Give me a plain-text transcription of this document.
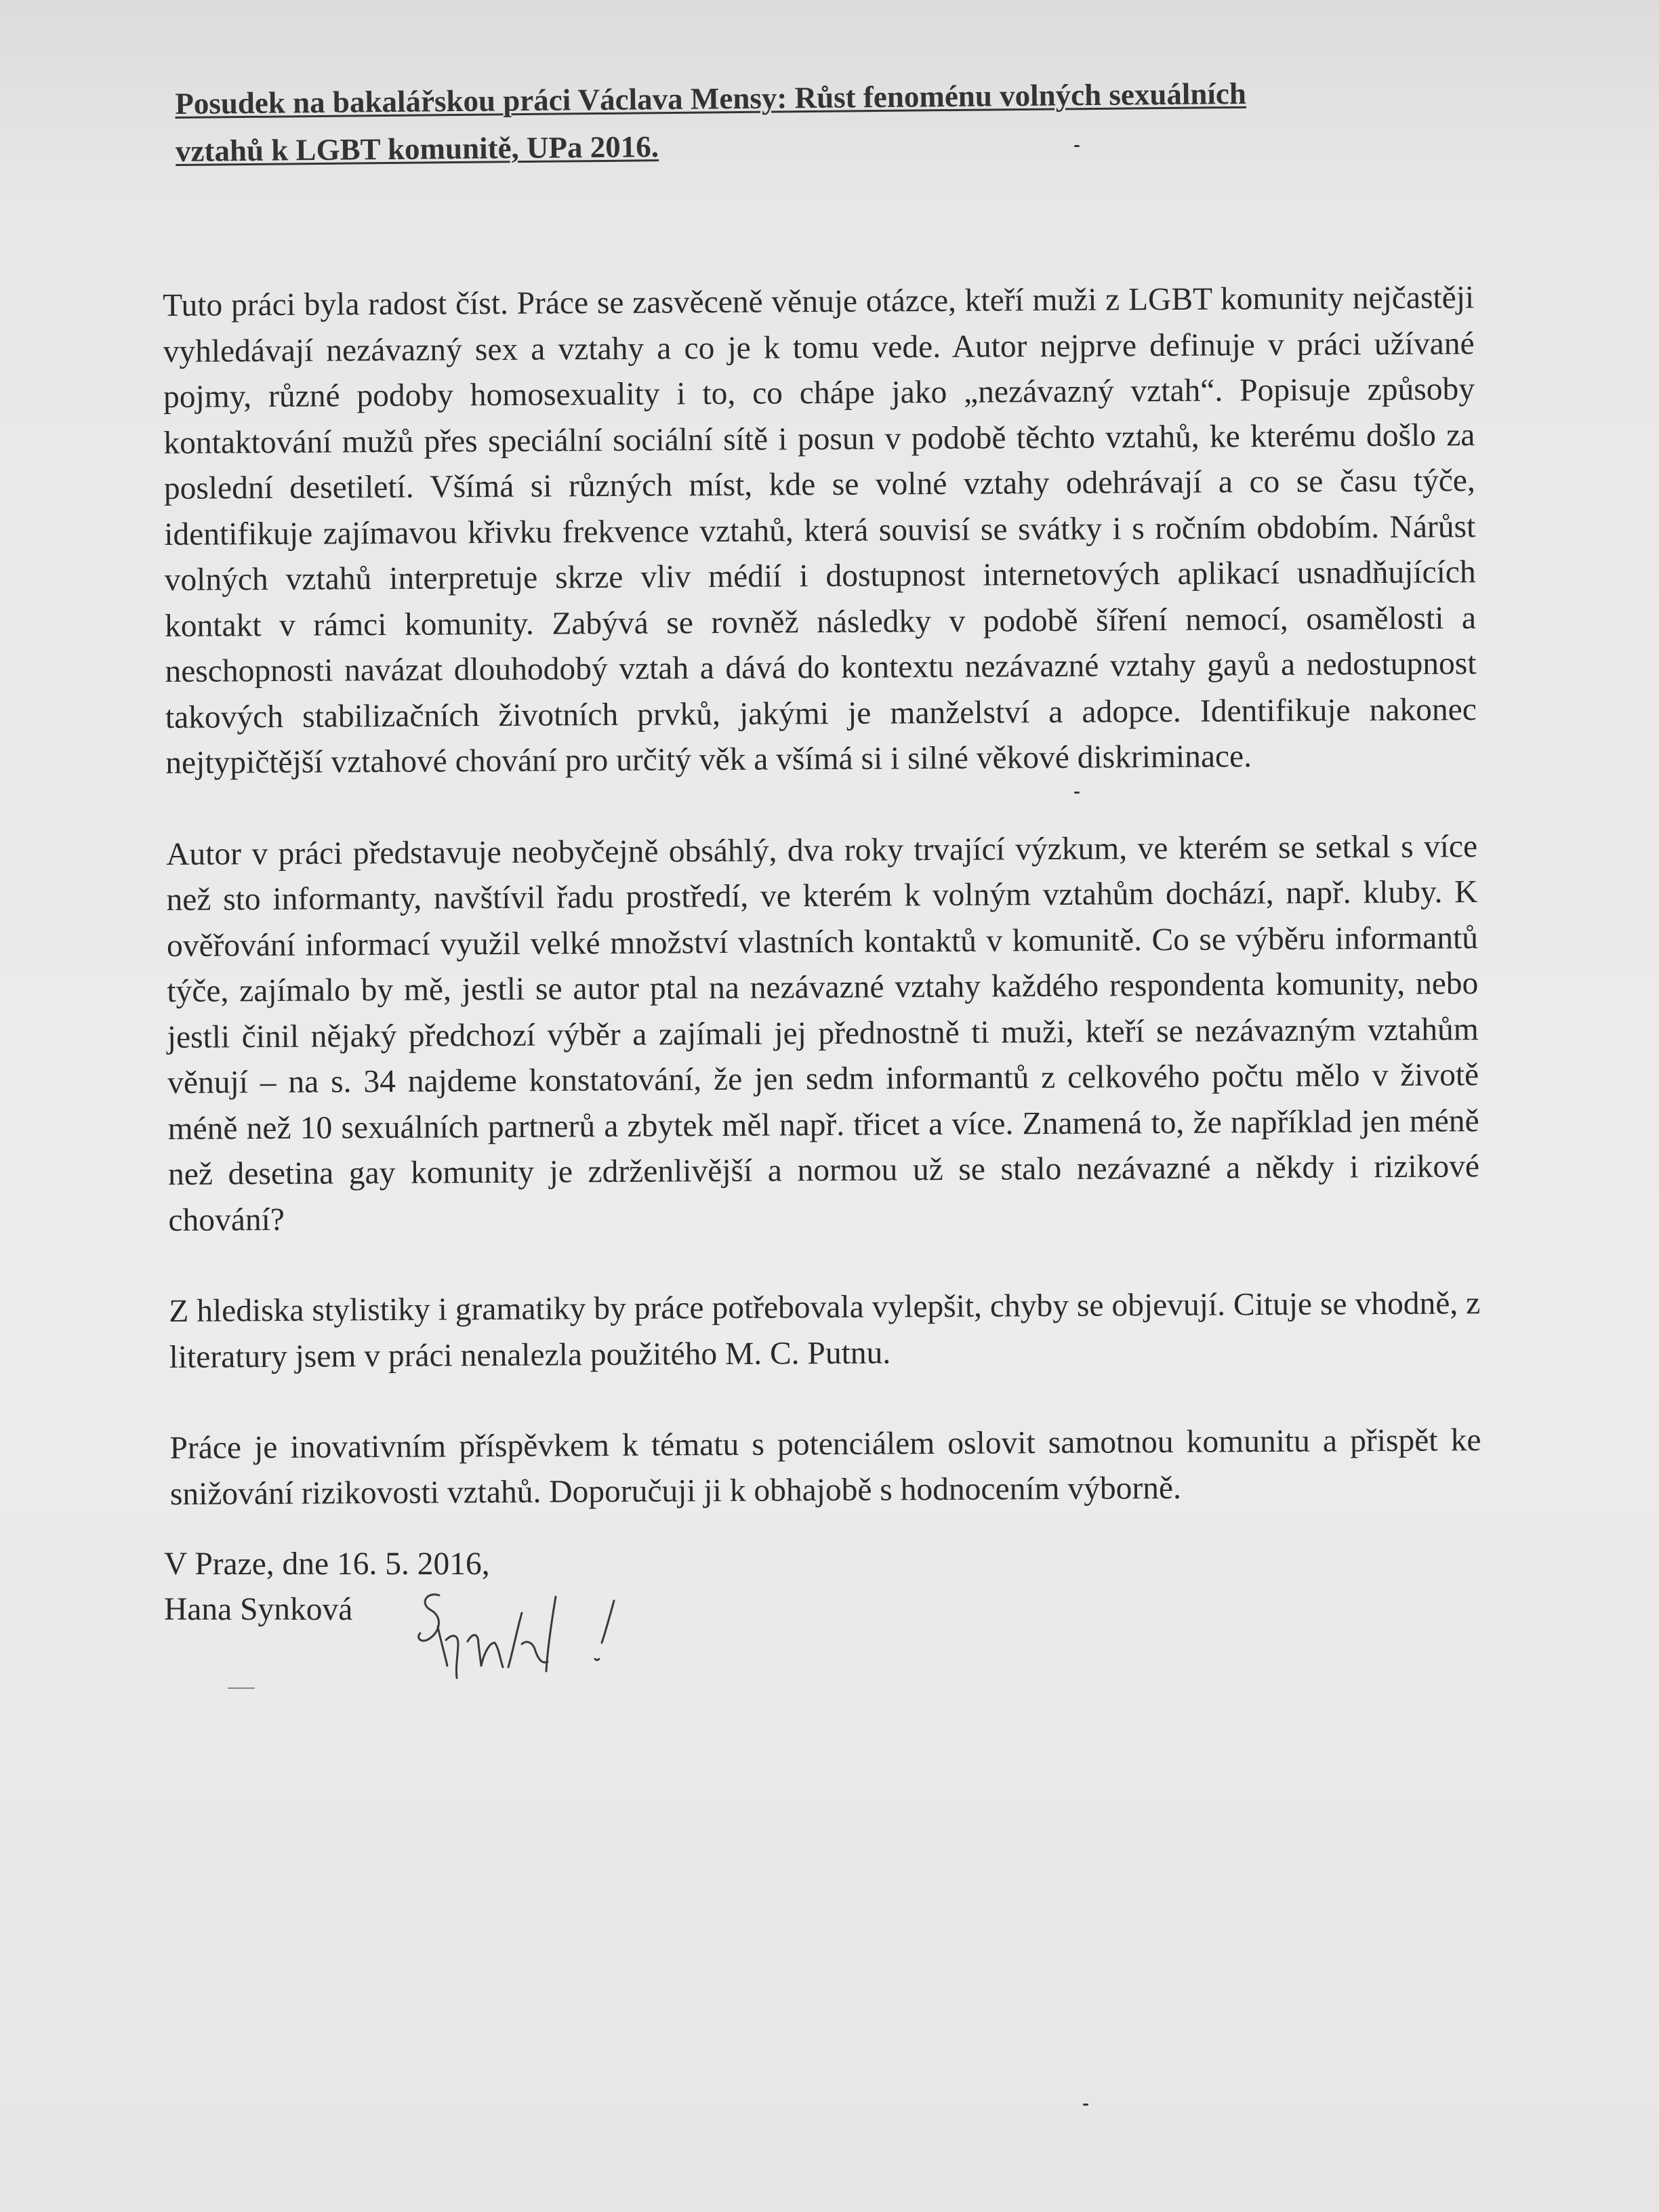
Posudek na bakalářskou práci Václava Mensy: Růst fenoménu volných sexuálních
vztahů k LGBT komunitě, UPa 2016.

Tuto práci byla radost číst. Práce se zasvěceně věnuje otázce, kteří muži z LGBT komunity nejčastěji vyhledávají nezávazný sex a vztahy a co je k tomu vede. Autor nejprve definuje v práci užívané pojmy, různé podoby homosexuality i to, co chápe jako „nezávazný vztah“. Popisuje způsoby kontaktování mužů přes speciální sociální sítě i posun v podobě těchto vztahů, ke kterému došlo za poslední desetiletí. Všímá si různých míst, kde se volné vztahy odehrávají a co se času týče, identifikuje zajímavou křivku frekvence vztahů, která souvisí se svátky i s ročním obdobím. Nárůst volných vztahů interpretuje skrze vliv médií i dostupnost internetových aplikací usnadňujících kontakt v rámci komunity. Zabývá se rovněž následky v podobě šíření nemocí, osamělosti a neschopnosti navázat dlouhodobý vztah a dává do kontextu nezávazné vztahy gayů a nedostupnost takových stabilizačních životních prvků, jakými je manželství a adopce. Identifikuje nakonec nejtypičtější vztahové chování pro určitý věk a všímá si i silné věkové diskriminace.

Autor v práci představuje neobyčejně obsáhlý, dva roky trvající výzkum, ve kterém se setkal s více než sto informanty, navštívil řadu prostředí, ve kterém k volným vztahům dochází, např. kluby. K ověřování informací využil velké množství vlastních kontaktů v komunitě. Co se výběru informantů týče, zajímalo by mě, jestli se autor ptal na nezávazné vztahy každého respondenta komunity, nebo jestli činil nějaký předchozí výběr a zajímali jej přednostně ti muži, kteří se nezávazným vztahům věnují – na s. 34 najdeme konstatování, že jen sedm informantů z celkového počtu mělo v životě méně než 10 sexuálních partnerů a zbytek měl např. třicet a více. Znamená to, že například jen méně než desetina gay komunity je zdrženlivější a normou už se stalo nezávazné a někdy i rizikové chování?

Z hlediska stylistiky i gramatiky by práce potřebovala vylepšit, chyby se objevují. Cituje se vhodně, z literatury jsem v práci nenalezla použitého M. C. Putnu.

Práce je inovativním příspěvkem k tématu s potenciálem oslovit samotnou komunitu a přispět ke snižování rizikovosti vztahů. Doporučuji ji k obhajobě s hodnocením výborně.

V Praze, dne 16. 5. 2016,
Hana Synková
